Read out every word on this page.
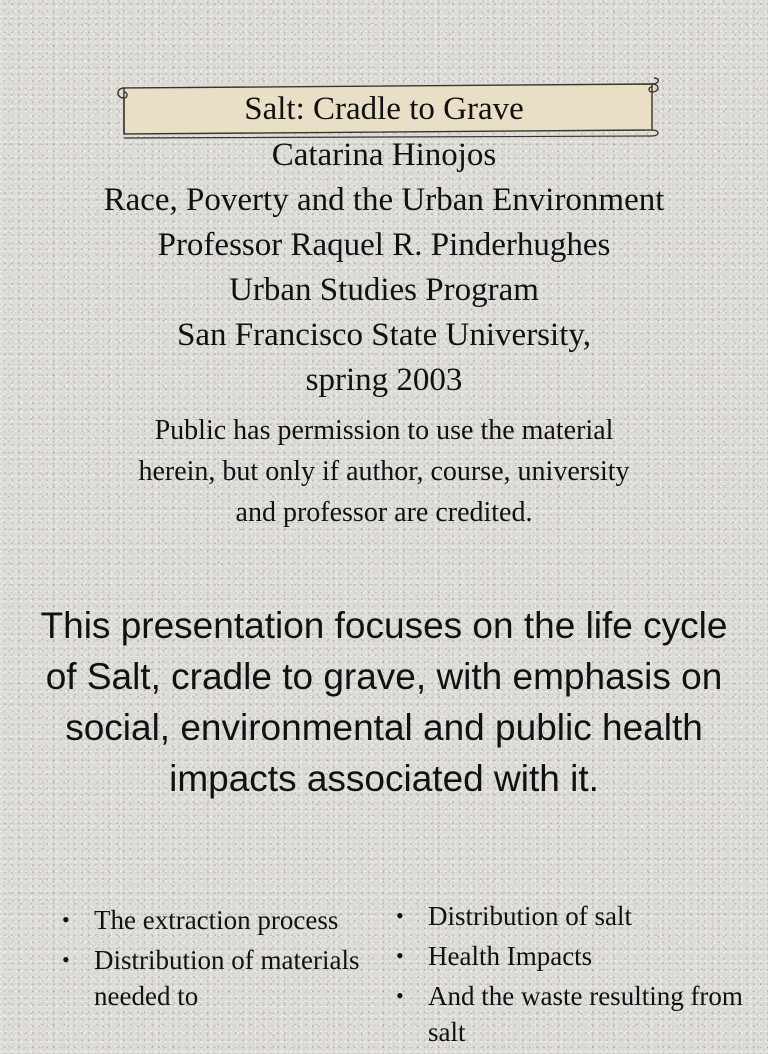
Salt: Cradle to Grave
Catarina Hinojos
Race, Poverty and the Urban Environment
Professor Raquel R. Pinderhughes
Urban Studies Program
San Francisco State University,
spring 2003
Public has permission to use the material herein, but only if author, course, university and professor are credited.
This presentation focuses on the life cycle of Salt, cradle to grave, with emphasis on social, environmental and public health impacts associated with it.
• The extraction process
• Distribution of materials needed to
• Distribution of salt
• Health Impacts
• And the waste resulting from salt
